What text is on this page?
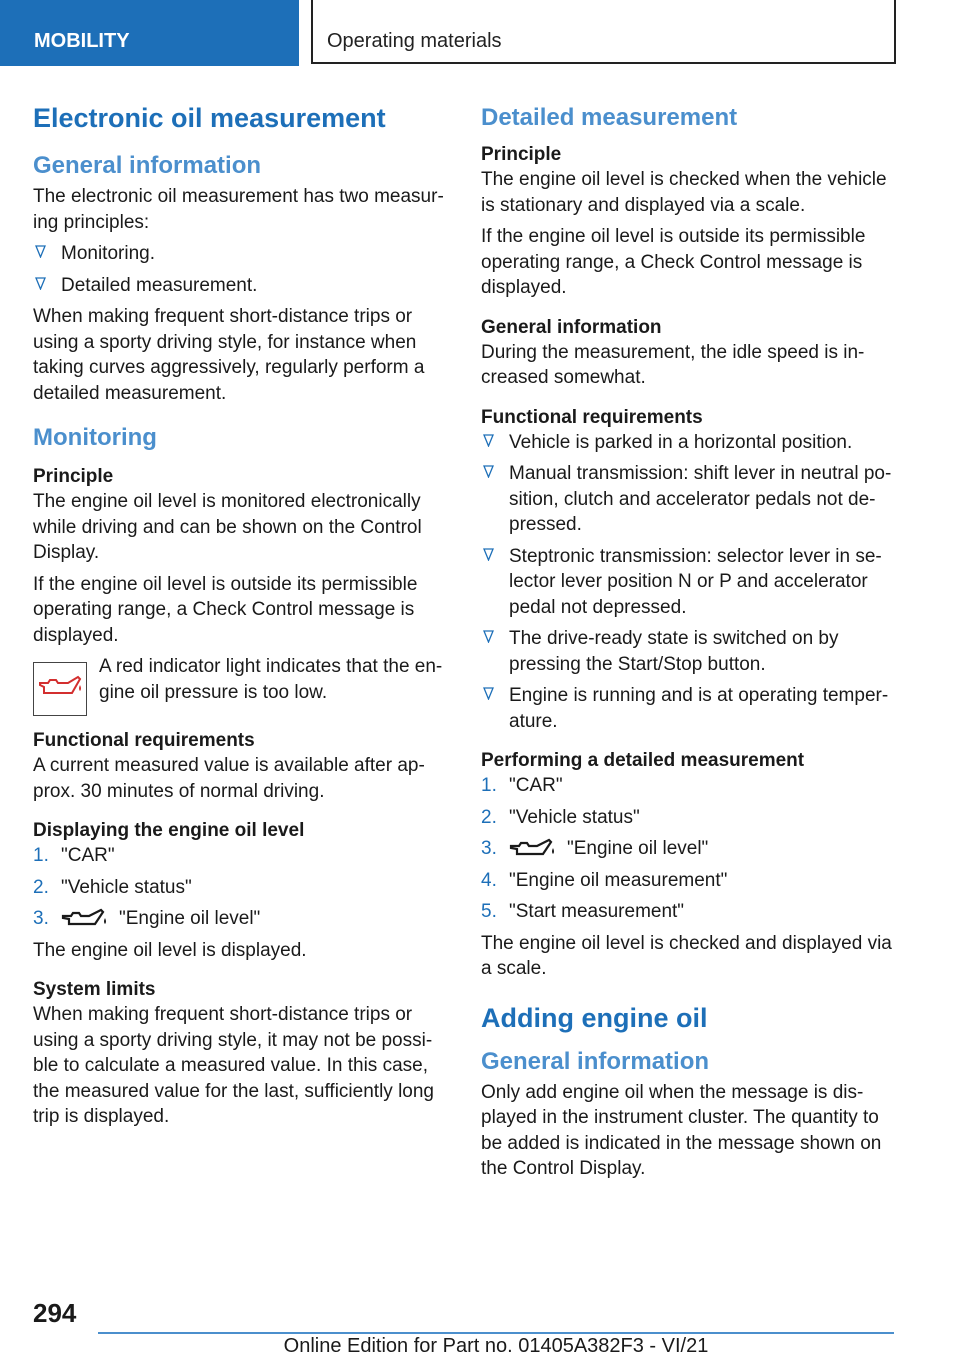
MOBILITY	Operating materials
Electronic oil measurement
General information

The electronic oil measurement has two measur-ing principles:

Monitoring.
Detailed measurement.

When making frequent short-distance trips or using a sporty driving style, for instance when taking curves aggressively, regularly perform a detailed measurement.

Monitoring
Principle

The engine oil level is monitored electronically while driving and can be shown on the Control Display.

If the engine oil level is outside its permissible operating range, a Check Control message is displayed.

A red indicator light indicates that the en-gine oil pressure is too low.

Functional requirements

A current measured value is available after ap-prox. 30 minutes of normal driving.

Displaying the engine oil level
1. "CAR"
2. "Vehicle status"
3.	"Engine oil level"

The engine oil level is displayed.

System limits

When making frequent short-distance trips or using a sporty driving style, it may not be possi-ble to calculate a measured value. In this case, the measured value for the last, sufficiently long trip is displayed.

Detailed measurement
Principle

The engine oil level is checked when the vehicle is stationary and displayed via a scale.

If the engine oil level is outside its permissible operating range, a Check Control message is displayed.

General information

During the measurement, the idle speed is in-creased somewhat.

Functional requirements
Vehicle is parked in a horizontal position.
Manual transmission: shift lever in neutral po-sition, clutch and accelerator pedals not de-pressed.
Steptronic transmission: selector lever in se-lector lever position N or P and accelerator pedal not depressed.
The drive-ready state is switched on by pressing the Start/Stop button.
Engine is running and is at operating temper-ature.
Performing a detailed measurement
1. "CAR"
2. "Vehicle status"
3.	"Engine oil level"
4. "Engine oil measurement"
5. "Start measurement"

The engine oil level is checked and displayed via a scale.

Adding engine oil
General information

Only add engine oil when the message is dis-played in the instrument cluster. The quantity to be added is indicated in the message shown on the Control Display.

294
Online Edition for Part no. 01405A382F3 - VI/21
